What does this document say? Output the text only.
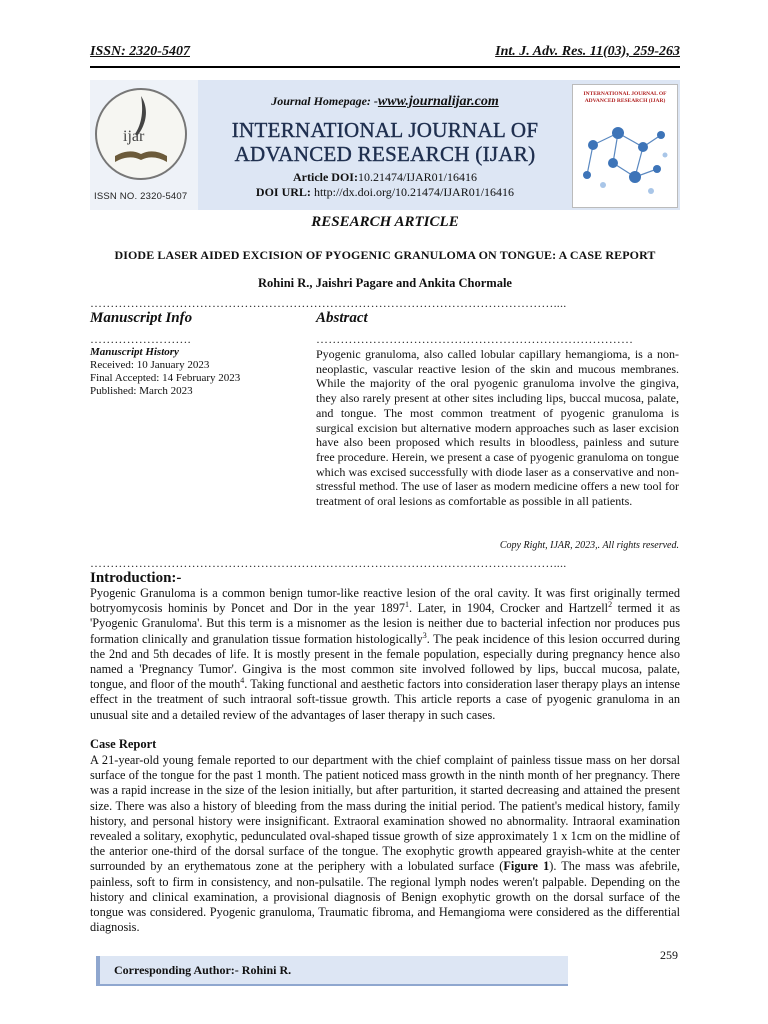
ISSN: 2320-5407	Int. J. Adv. Res. 11(03), 259-263
ijar
ISSN NO. 2320-5407
Journal Homepage: -www.journalijar.com
INTERNATIONAL JOURNAL OF
ADVANCED RESEARCH (IJAR)
Article DOI:10.21474/IJAR01/16416
DOI URL: http://dx.doi.org/10.21474/IJAR01/16416
INTERNATIONAL JOURNAL OF ADVANCED RESEARCH (IJAR)
RESEARCH ARTICLE
DIODE LASER AIDED EXCISION OF PYOGENIC GRANULOMA ON TONGUE: A CASE REPORT
Rohini R., Jaishri Pagare and Ankita Chormale
……………………………………………………………………………………………………....
Manuscript Info	Abstract
…………………….	……………………………………………………………………
Manuscript History
Received: 10 January 2023
Final Accepted: 14 February 2023
Published: March 2023
Pyogenic granuloma, also called lobular capillary hemangioma, is a non-neoplastic, vascular reactive lesion of the skin and mucous membranes. While the majority of the oral pyogenic granuloma involve the gingiva, they also rarely present at other sites including lips, buccal mucosa, palate, and tongue. The most common treatment of pyogenic granuloma is surgical excision but alternative modern approaches such as laser excision have also been proposed which results in bloodless, painless and suture free procedure. Herein, we present a case of pyogenic granuloma on tongue which was excised successfully with diode laser as a conservative and non-stressful method. The use of laser as modern medicine offers a new tool for treatment of oral lesions as comfortable as possible in all patients.
Copy Right, IJAR, 2023,. All rights reserved.
……………………………………………………………………………………………………....
Introduction:-
Pyogenic Granuloma is a common benign tumor-like reactive lesion of the oral cavity. It was first originally termed botryomycosis hominis by Poncet and Dor in the year 1897$^1$. Later, in 1904, Crocker and Hartzell$^2$ termed it as 'Pyogenic Granuloma'. But this term is a misnomer as the lesion is neither due to bacterial infection nor produces pus formation clinically and granulation tissue formation histologically$^3$. The peak incidence of this lesion occurred during the 2nd and 5th decades of life. It is mostly present in the female population, especially during pregnancy hence also named a 'Pregnancy Tumor'. Gingiva is the most common site involved followed by lips, buccal mucosa, palate, tongue, and floor of the mouth$^4$. Taking functional and aesthetic factors into consideration laser therapy plays an intense effect in the treatment of such intraoral soft-tissue growth. This article reports a case of pyogenic granuloma in an unusual site and a detailed review of the advantages of laser therapy in such cases.
Case Report
A 21-year-old young female reported to our department with the chief complaint of painless tissue mass on her dorsal surface of the tongue for the past 1 month. The patient noticed mass growth in the ninth month of her pregnancy. There was a rapid increase in the size of the lesion initially, but after parturition, it started decreasing and attained the present size. There was also a history of bleeding from the mass during the initial period. The patient's medical history, family history, and personal history were insignificant. Extraoral examination showed no abnormality. Intraoral examination revealed a solitary, exophytic, pedunculated oval-shaped tissue growth of size approximately 1 x 1cm on the midline of the anterior one-third of the dorsal surface of the tongue. The exophytic growth appeared grayish-white at the center surrounded by an erythematous zone at the periphery with a lobulated surface (Figure 1). The mass was afebrile, painless, soft to firm in consistency, and non-pulsatile. The regional lymph nodes weren't palpable. Depending on the history and clinical examination, a provisional diagnosis of Benign exophytic growth on the dorsal surface of the tongue was considered. Pyogenic granuloma, Traumatic fibroma, and Hemangioma were considered as the differential diagnosis.
259
Corresponding Author:- Rohini R.
